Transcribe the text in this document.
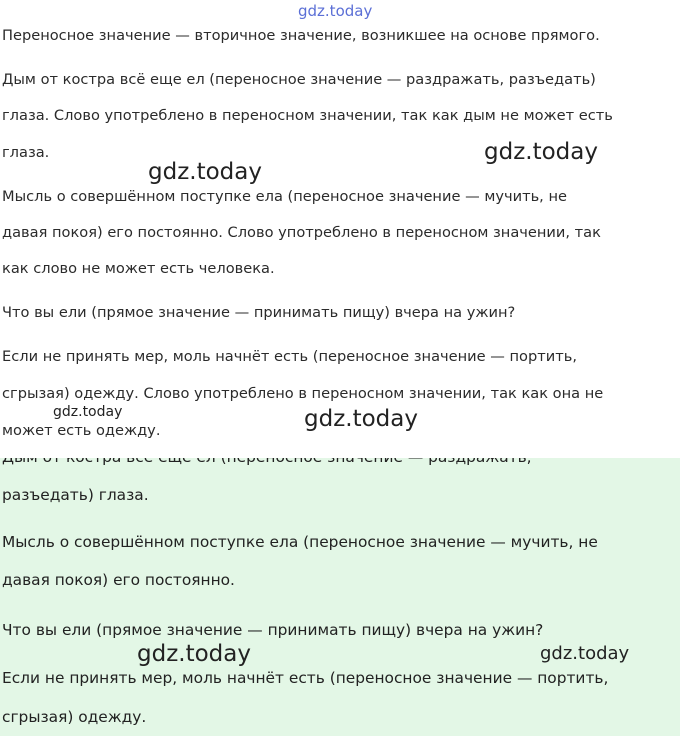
Переносное значение — вторичное значение, возникшее на основе прямого.

Дым от костра всё еще ел (переносное значение — раздражать, разъедать)

глаза. Слово употреблено в переносном значении, так как дым не может есть

глаза.

Мысль о совершённом поступке ела (переносное значение — мучить, не

давая покоя) его постоянно. Слово употреблено в переносном значении, так

как слово не может есть человека.

Что вы ели (прямое значение — принимать пищу) вчера на ужин?

Если не принять мер, моль начнёт есть (переносное значение — портить,

сгрызая) одежду. Слово употреблено в переносном значении, так как она не

может есть одежду.

разъедать) глаза.

Мысль о совершённом поступке ела (переносное значение — мучить, не

давая покоя) его постоянно.

Что вы ели (прямое значение — принимать пищу) вчера на ужин?

Если не принять мер, моль начнёт есть (переносное значение — портить,

сгрызая) одежду.

gdz.today
gdz.today
gdz.today
gdz.today	gdz.today
gdz.today	gdz.today
